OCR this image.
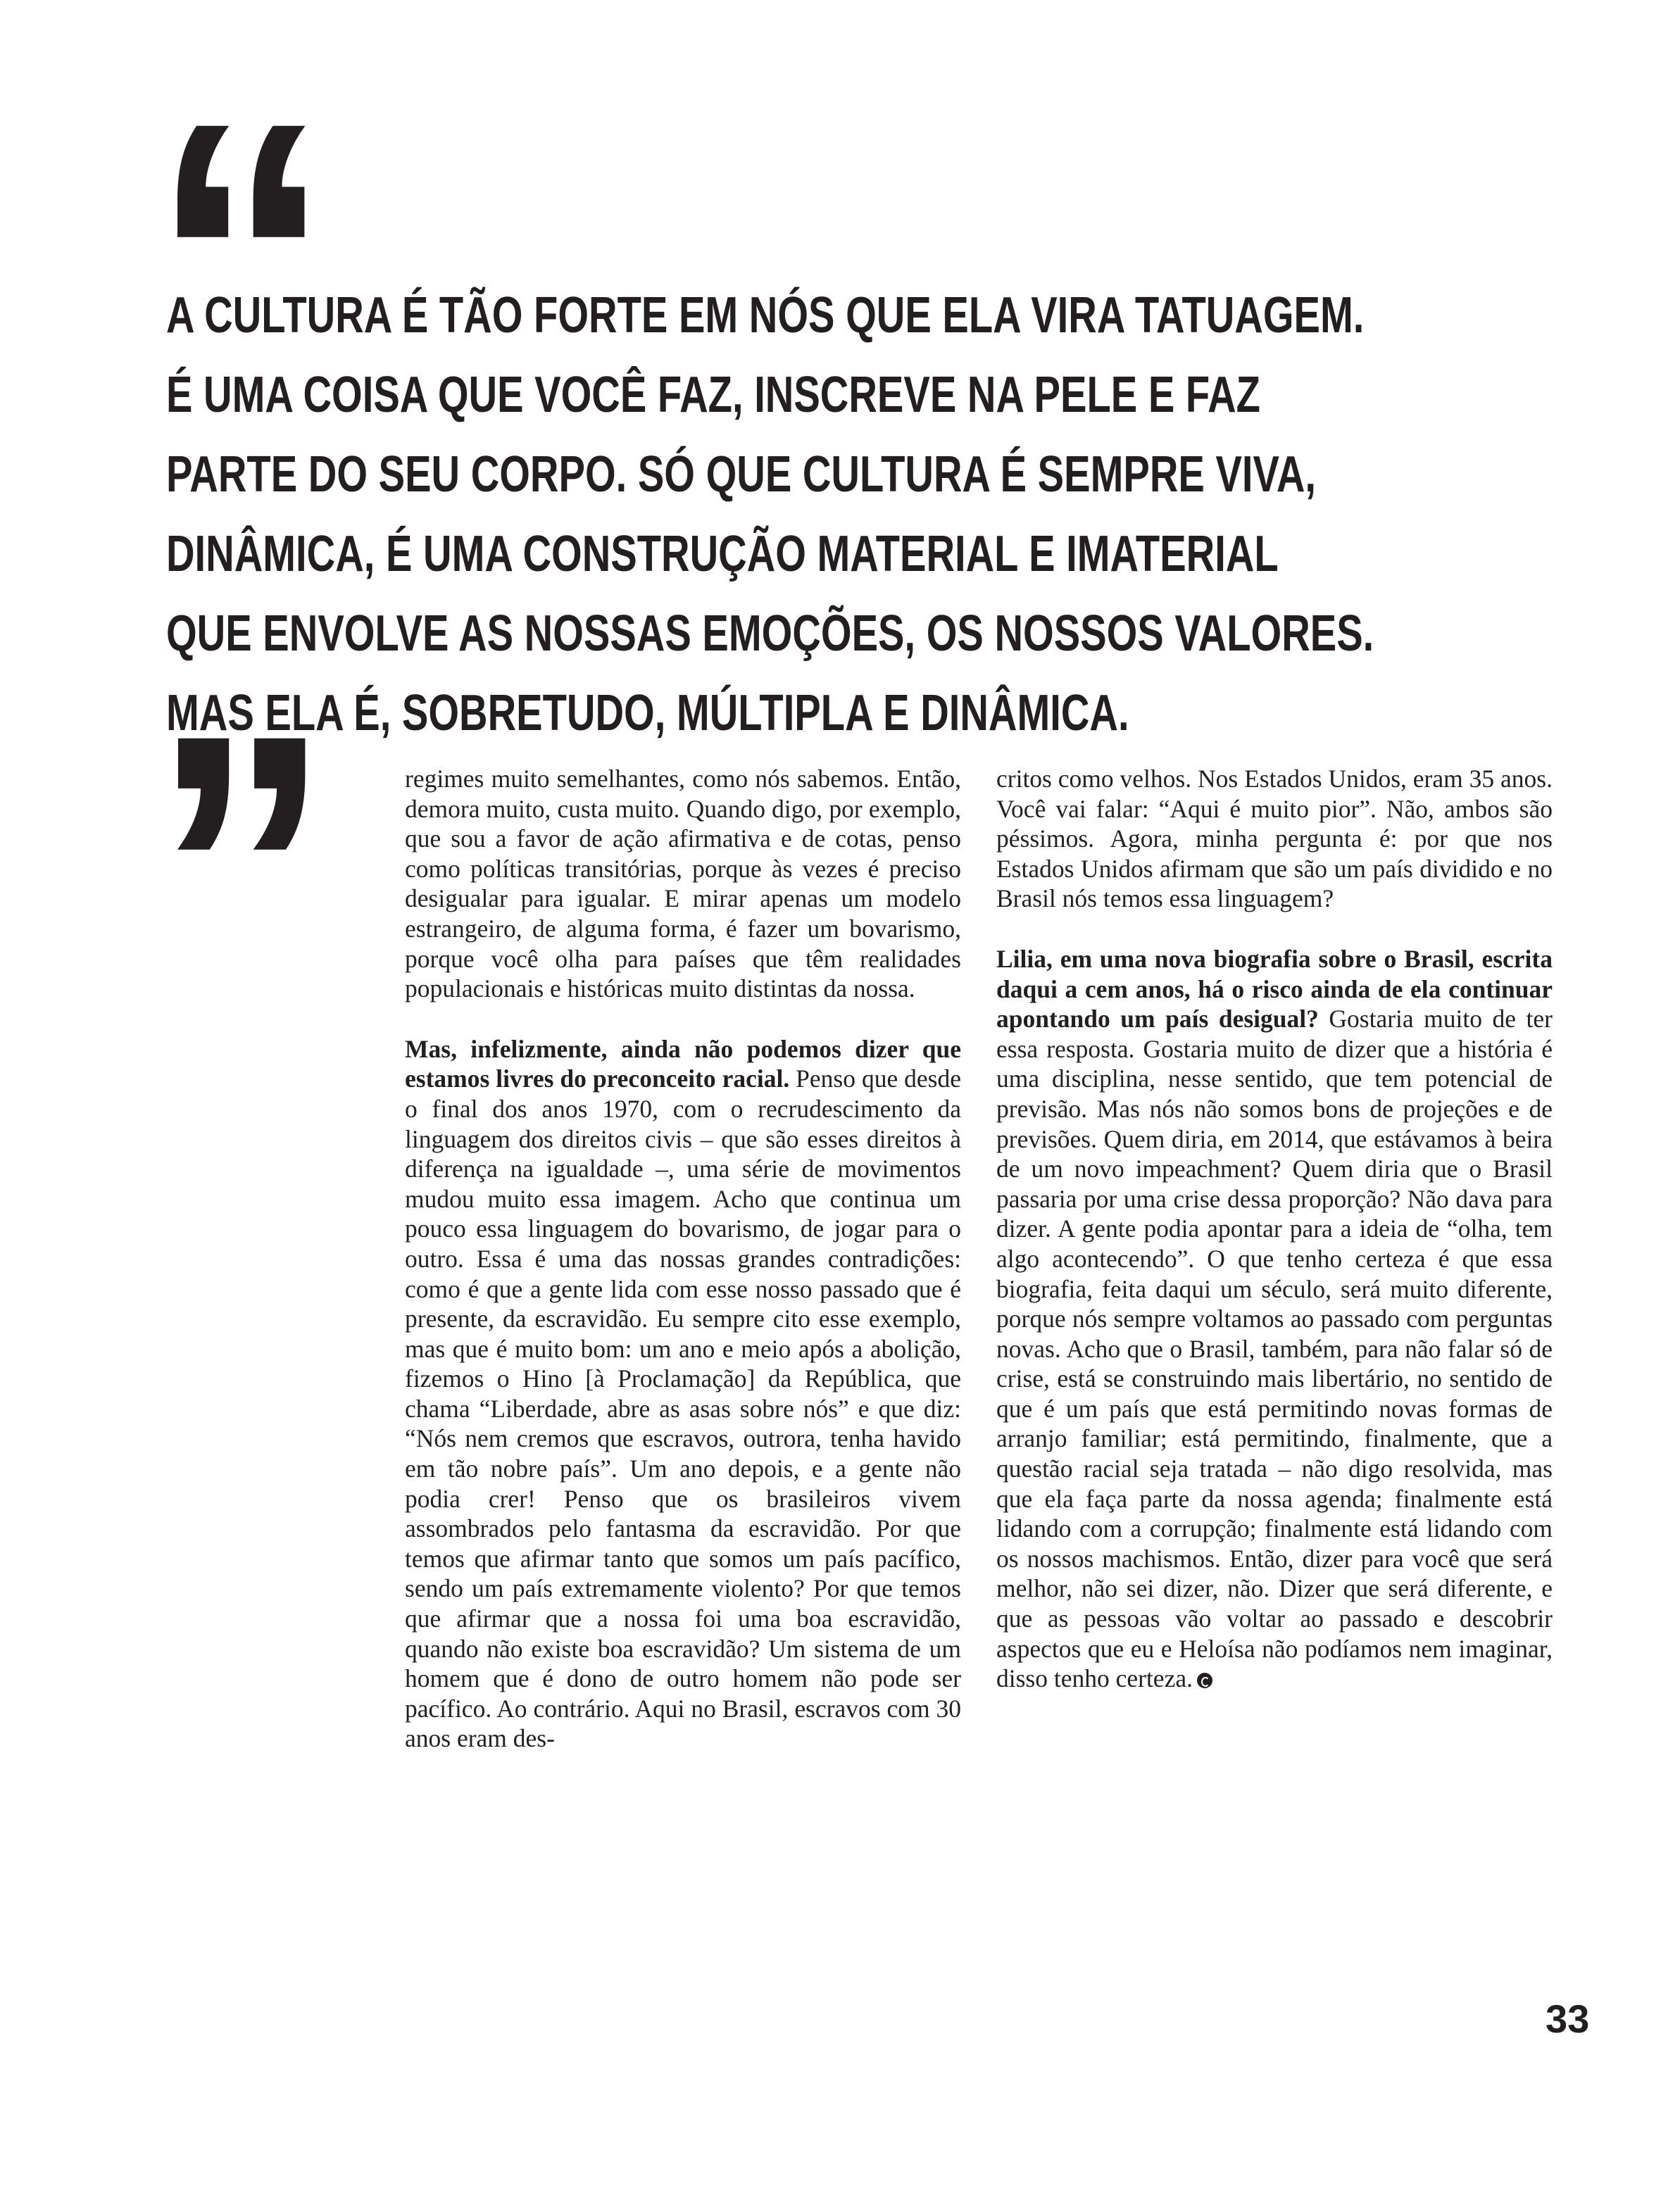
“
A CULTURA É TÃO FORTE EM NÓS QUE ELA VIRA TATUAGEM.
É UMA COISA QUE VOCÊ FAZ, INSCREVE NA PELE E FAZ
PARTE DO SEU CORPO. SÓ QUE CULTURA É SEMPRE VIVA,
DINÂMICA, É UMA CONSTRUÇÃO MATERIAL E IMATERIAL
QUE ENVOLVE AS NOSSAS EMOÇÕES, OS NOSSOS VALORES.
MAS ELA É, SOBRETUDO, MÚLTIPLA E DINÂMICA.
”	regimes muito semelhantes, como nós sabemos. Então, demora muito, custa muito. Quando digo, por exemplo, que sou a favor de ação afirmativa e de cotas, penso como políticas transitórias, porque às vezes é preciso desigualar para igualar. E mirar apenas um modelo estrangeiro, de alguma forma, é fazer um bovarismo, porque você olha para países que têm realidades populacionais e históricas muito distintas da nossa.

Mas, infelizmente, ainda não podemos dizer que estamos livres do preconceito racial. Penso que desde o final dos anos 1970, com o recrudescimento da linguagem dos direitos civis – que são esses direitos à diferença na igualdade –, uma série de movimentos mudou muito essa imagem. Acho que continua um pouco essa linguagem do bovarismo, de jogar para o outro. Essa é uma das nossas grandes contradições: como é que a gente lida com esse nosso passado que é presente, da escravidão. Eu sempre cito esse exemplo, mas que é muito bom: um ano e meio após a abolição, fizemos o Hino [à Proclamação] da República, que chama “Liberdade, abre as asas sobre nós” e que diz: “Nós nem cremos que escravos, outrora, tenha havido em tão nobre país”. Um ano depois, e a gente não podia crer! Penso que os brasileiros vivem assombrados pelo fantasma da escravidão. Por que temos que afirmar tanto que somos um país pacífico, sendo um país extremamente violento? Por que temos que afirmar que a nossa foi uma boa escravidão, quando não existe boa escravidão? Um sistema de um homem que é dono de outro homem não pode ser pacífico. Ao contrário. Aqui no Brasil, escravos com 30 anos eram des-

critos como velhos. Nos Estados Unidos, eram 35 anos. Você vai falar: “Aqui é muito pior”. Não, ambos são péssimos. Agora, minha pergunta é: por que nos Estados Unidos afirmam que são um país dividido e no Brasil nós temos essa linguagem?

Lilia, em uma nova biografia sobre o Brasil, escrita daqui a cem anos, há o risco ainda de ela continuar apontando um país desigual? Gostaria muito de ter essa resposta. Gostaria muito de dizer que a história é uma disciplina, nesse sentido, que tem potencial de previsão. Mas nós não somos bons de projeções e de previsões. Quem diria, em 2014, que estávamos à beira de um novo impeachment? Quem diria que o Brasil passaria por uma crise dessa proporção? Não dava para dizer. A gente podia apontar para a ideia de “olha, tem algo acontecendo”. O que tenho certeza é que essa biografia, feita daqui um século, será muito diferente, porque nós sempre voltamos ao passado com perguntas novas. Acho que o Brasil, também, para não falar só de crise, está se construindo mais libertário, no sentido de que é um país que está permitindo novas formas de arranjo familiar; está permitindo, finalmente, que a questão racial seja tratada – não digo resolvida, mas que ela faça parte da nossa agenda; finalmente está lidando com a corrupção; finalmente está lidando com os nossos machismos. Então, dizer para você que será melhor, não sei dizer, não. Dizer que será diferente, e que as pessoas vão voltar ao passado e descobrir aspectos que eu e Heloísa não podíamos nem imaginar, disso tenho certeza.

33
